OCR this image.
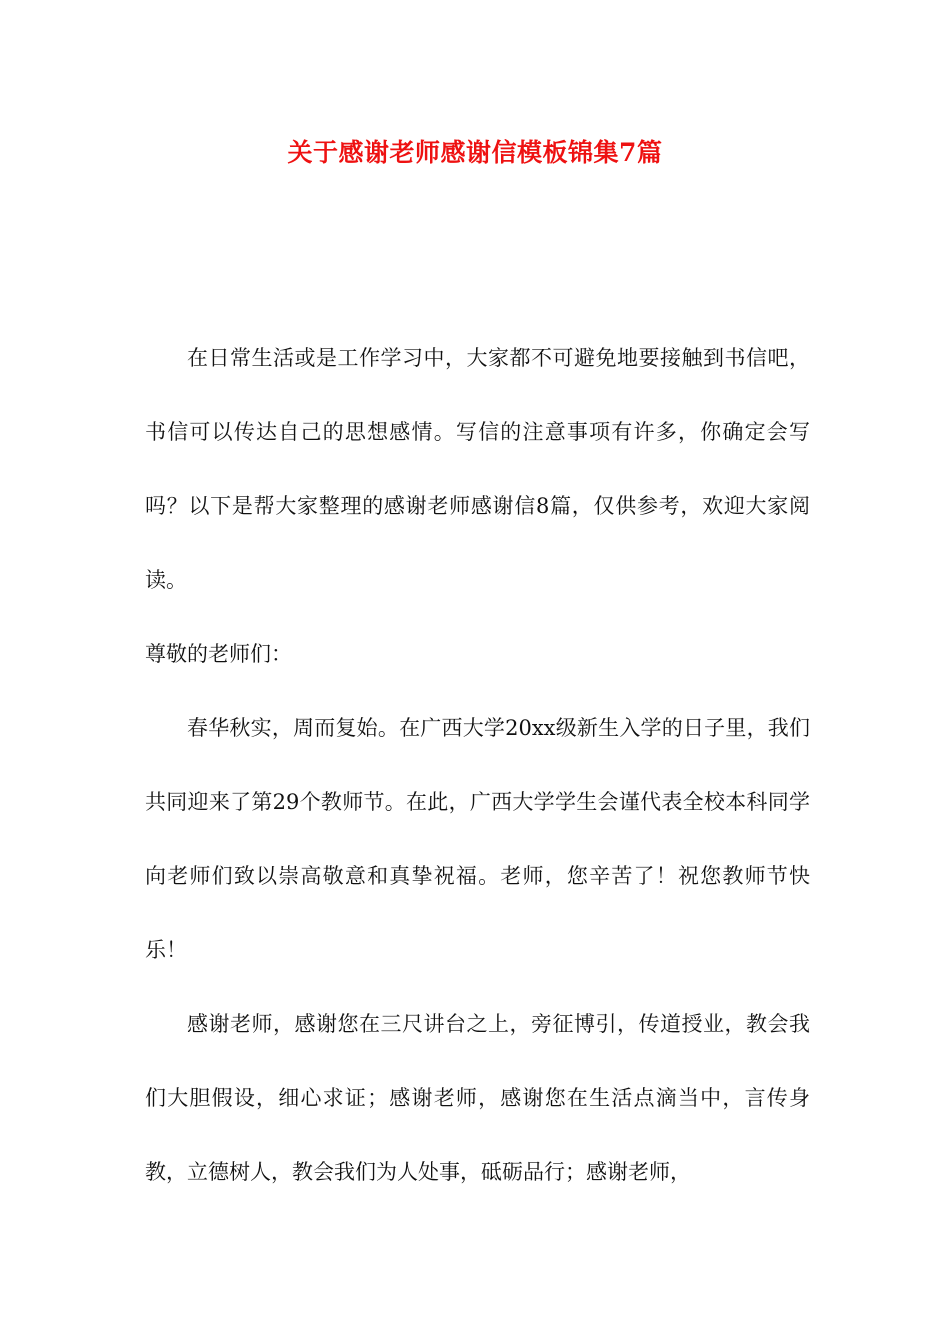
关于感谢老师感谢信模板锦集7篇

在日常生活或是工作学习中，大家都不可避免地要接触到书信吧，书信可以传达自己的思想感情。写信的注意事项有许多，你确定会写吗？以下是帮大家整理的感谢老师感谢信8篇，仅供参考，欢迎大家阅读。

尊敬的老师们：

春华秋实，周而复始。在广西大学20xx级新生入学的日子里，我们共同迎来了第29个教师节。在此，广西大学学生会谨代表全校本科同学向老师们致以崇高敬意和真挚祝福。老师，您辛苦了！祝您教师节快乐！

感谢老师，感谢您在三尺讲台之上，旁征博引，传道授业，教会我们大胆假设，细心求证；感谢老师，感谢您在生活点滴当中，言传身教，立德树人，教会我们为人处事，砥砺品行；感谢老师，
